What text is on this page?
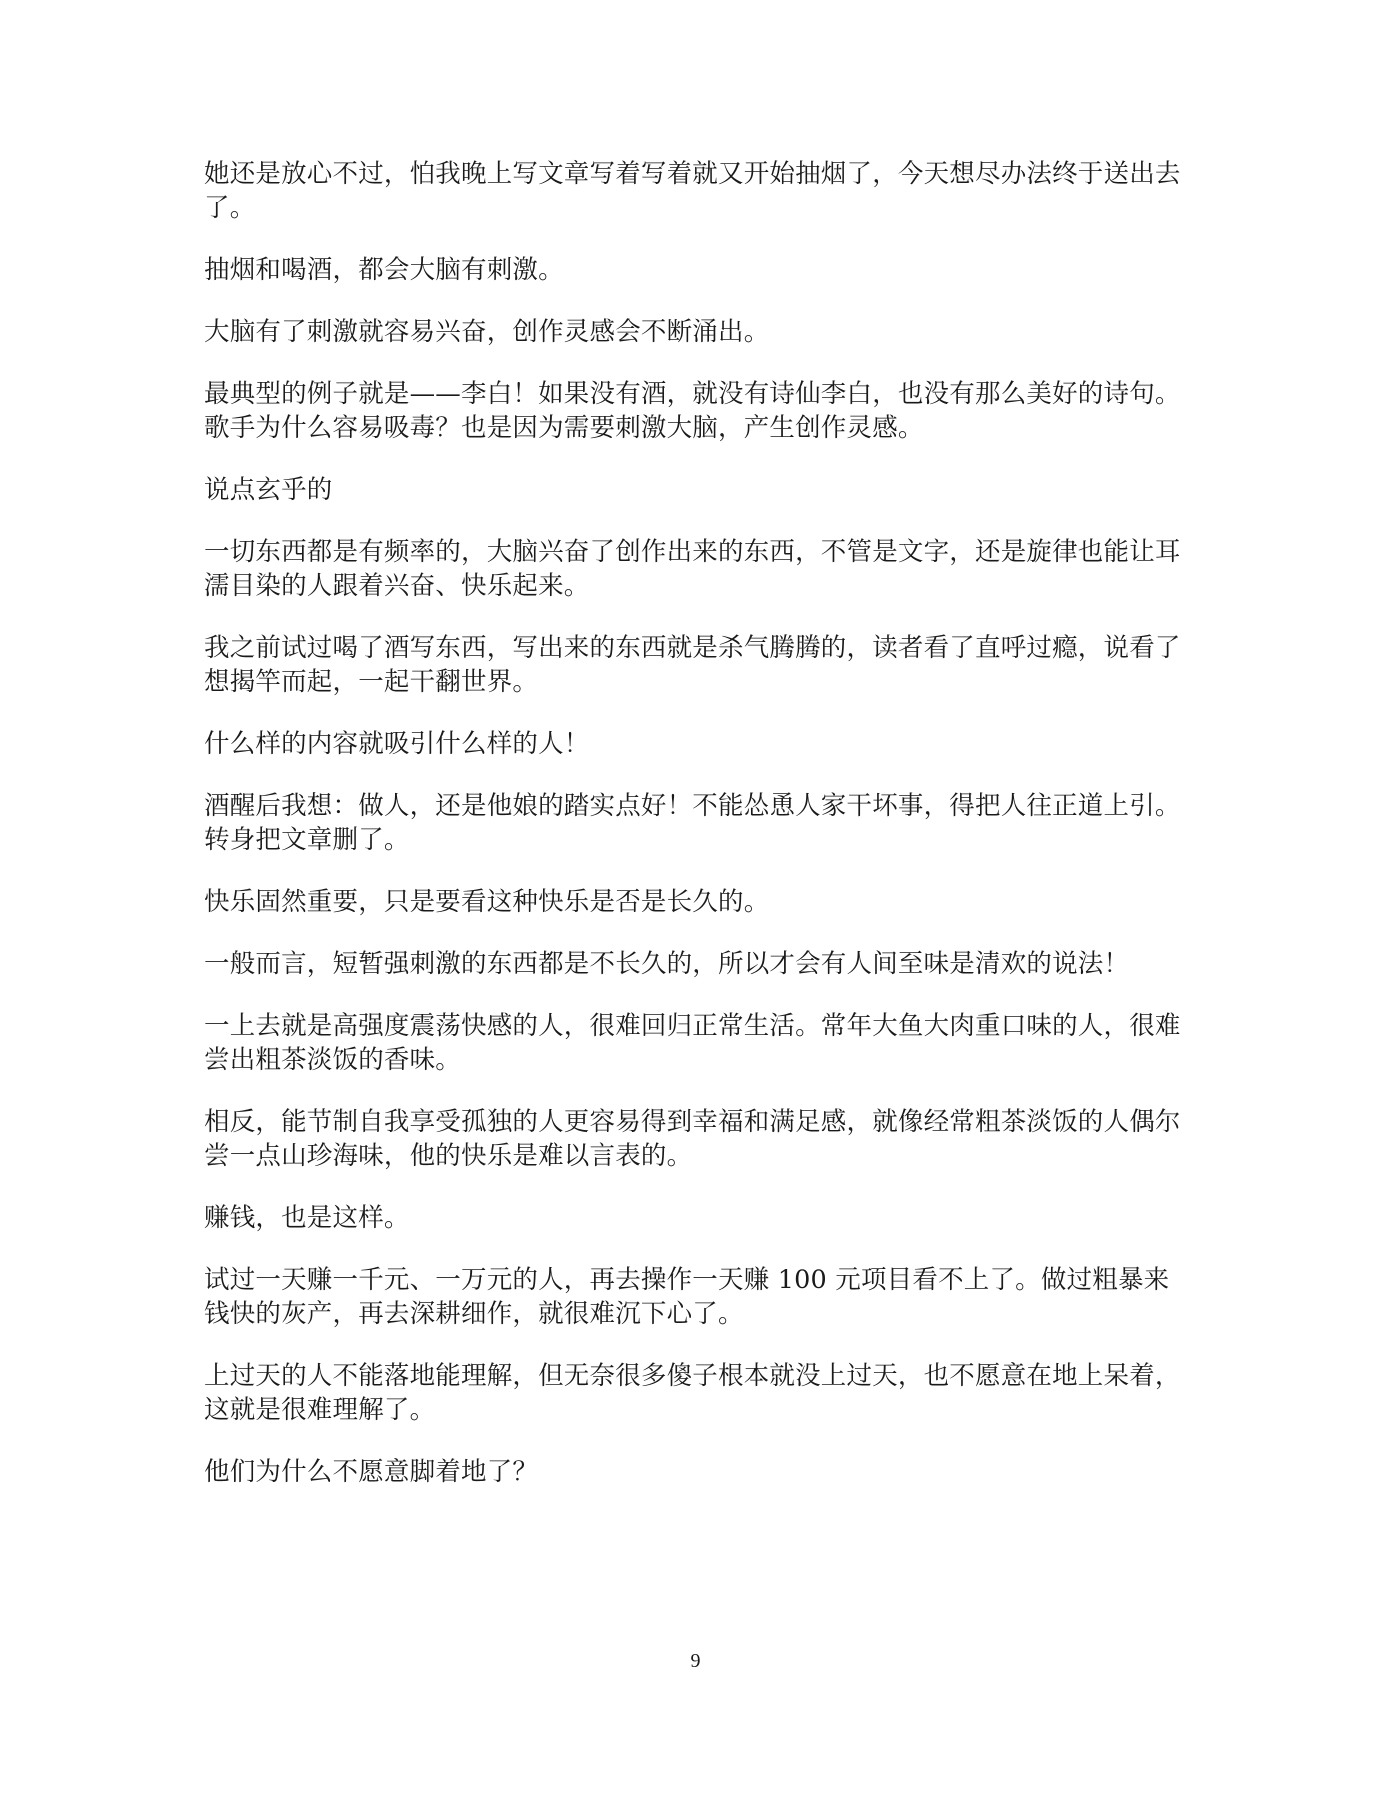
她还是放心不过，怕我晚上写文章写着写着就又开始抽烟了，今天想尽办法终于送出去了。

抽烟和喝酒，都会大脑有刺激。

大脑有了刺激就容易兴奋，创作灵感会不断涌出。

最典型的例子就是——李白！如果没有酒，就没有诗仙李白，也没有那么美好的诗句。歌手为什么容易吸毒？也是因为需要刺激大脑，产生创作灵感。

说点玄乎的

一切东西都是有频率的，大脑兴奋了创作出来的东西，不管是文字，还是旋律也能让耳濡目染的人跟着兴奋、快乐起来。

我之前试过喝了酒写东西，写出来的东西就是杀气腾腾的，读者看了直呼过瘾，说看了想揭竿而起，一起干翻世界。

什么样的内容就吸引什么样的人！

酒醒后我想：做人，还是他娘的踏实点好！不能怂恿人家干坏事，得把人往正道上引。转身把文章删了。

快乐固然重要，只是要看这种快乐是否是长久的。

一般而言，短暂强刺激的东西都是不长久的，所以才会有人间至味是清欢的说法！

一上去就是高强度震荡快感的人，很难回归正常生活。常年大鱼大肉重口味的人，很难尝出粗茶淡饭的香味。

相反，能节制自我享受孤独的人更容易得到幸福和满足感，就像经常粗茶淡饭的人偶尔尝一点山珍海味，他的快乐是难以言表的。

赚钱，也是这样。

试过一天赚一千元、一万元的人，再去操作一天赚 100 元项目看不上了。做过粗暴来钱快的灰产，再去深耕细作，就很难沉下心了。

上过天的人不能落地能理解，但无奈很多傻子根本就没上过天，也不愿意在地上呆着，这就是很难理解了。

他们为什么不愿意脚着地了？

9
